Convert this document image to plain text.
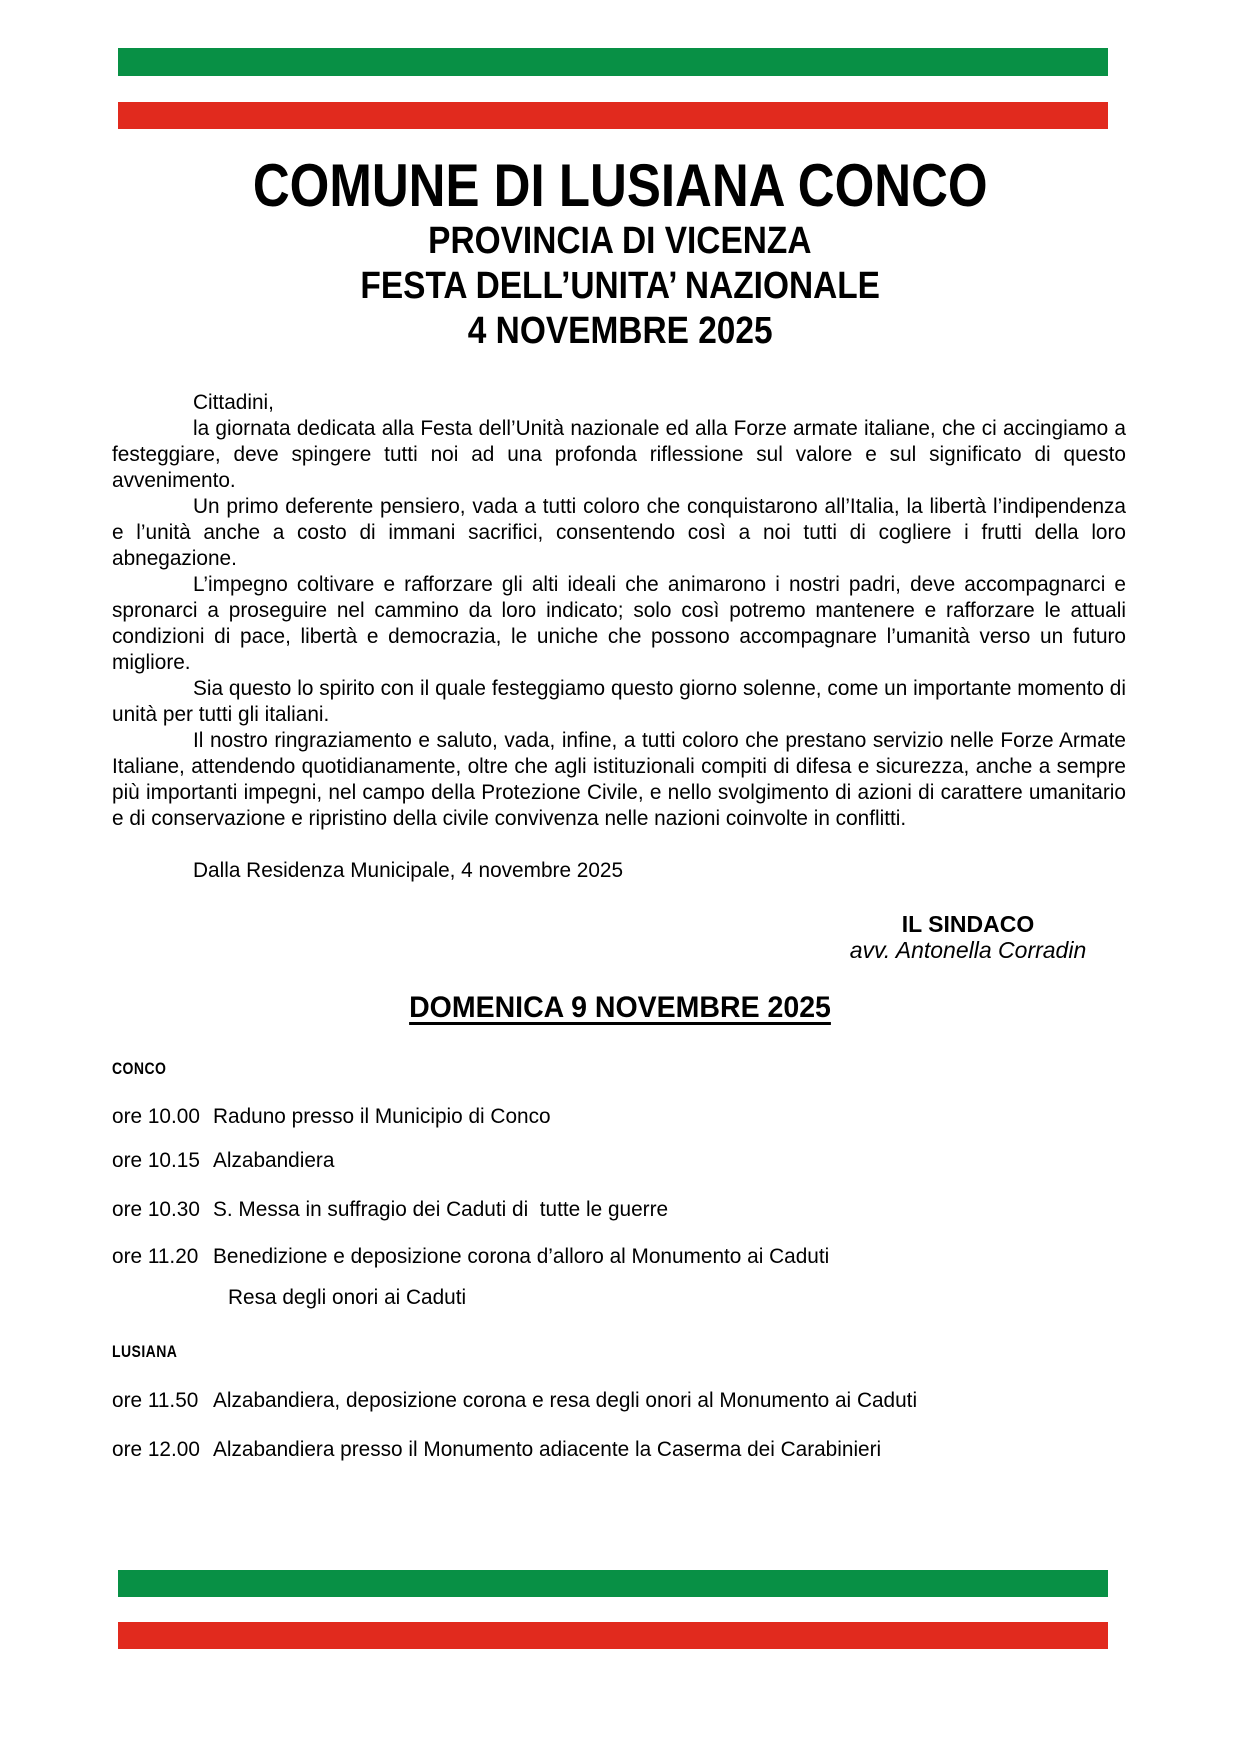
COMUNE DI LUSIANA CONCO
PROVINCIA DI VICENZA
FESTA DELL’UNITA’ NAZIONALE
4 NOVEMBRE 2025

Cittadini,

la giornata dedicata alla Festa dell’Unità nazionale ed alla Forze armate italiane, che ci accingiamo a festeggiare, deve spingere tutti noi ad una profonda riflessione sul valore e sul significato di questo avvenimento.

Un primo deferente pensiero, vada a tutti coloro che conquistarono all’Italia, la libertà l’indipendenza e l’unità anche a costo di immani sacrifici, consentendo così a noi tutti di cogliere i frutti della loro abnegazione.

L’impegno coltivare e rafforzare gli alti ideali che animarono i nostri padri, deve accompagnarci e spronarci a proseguire nel cammino da loro indicato; solo così potremo mantenere e rafforzare le attuali condizioni di pace, libertà e democrazia, le uniche che possono accompagnare l’umanità verso un futuro migliore.

Sia questo lo spirito con il quale festeggiamo questo giorno solenne, come un importante momento di unità per tutti gli italiani.

Il nostro ringraziamento e saluto, vada, infine, a tutti coloro che prestano servizio nelle Forze Armate Italiane, attendendo quotidianamente, oltre che agli istituzionali compiti di difesa e sicurezza, anche a sempre più importanti impegni, nel campo della Protezione Civile, e nello svolgimento di azioni di carattere umanitario e di conservazione e ripristino della civile convivenza nelle nazioni coinvolte in conflitti.

Dalla Residenza Municipale, 4 novembre 2025

IL SINDACO
avv. Antonella Corradin
DOMENICA 9 NOVEMBRE 2025
CONCO
ore 10.00 Raduno presso il Municipio di Conco
ore 10.15 Alzabandiera
ore 10.30 S. Messa in suffragio dei Caduti di  tutte le guerre
ore 11.20 Benedizione e deposizione corona d’alloro al Monumento ai Caduti
Resa degli onori ai Caduti
LUSIANA
ore 11.50 Alzabandiera, deposizione corona e resa degli onori al Monumento ai Caduti
ore 12.00 Alzabandiera presso il Monumento adiacente la Caserma dei Carabinieri
